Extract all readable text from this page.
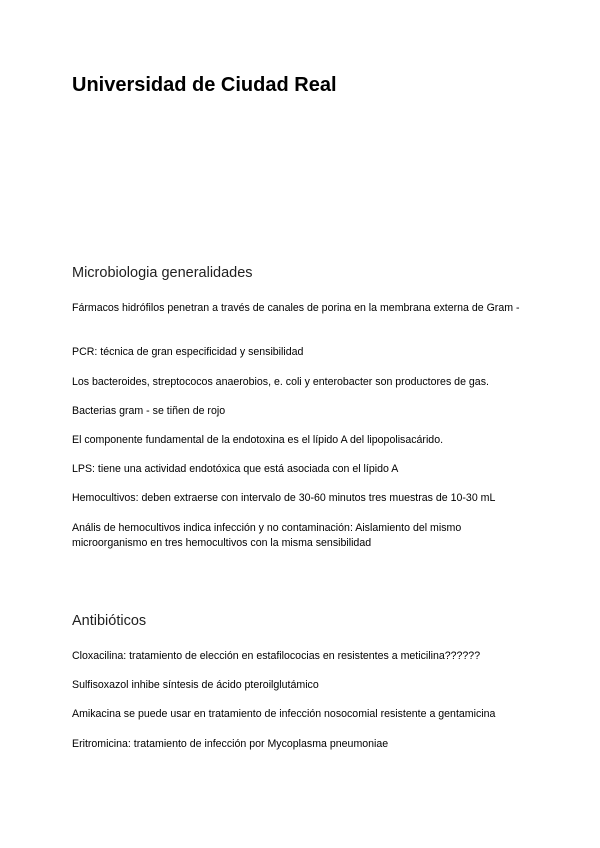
Universidad de Ciudad Real
Microbiologia generalidades

Fármacos hidrófilos penetran a través de canales de porina en la membrana externa de Gram -

PCR: técnica de gran especificidad y sensibilidad

Los bacteroides, streptococos anaerobios, e. coli y enterobacter son productores de gas.

Bacterias gram - se tiñen de rojo

El componente fundamental de la endotoxina es el lípido A del lipopolisacárido.

LPS: tiene una actividad endotóxica que está asociada con el lípido A

Hemocultivos: deben extraerse con intervalo de 30-60 minutos tres muestras de 10-30 mL

Anális de hemocultivos indica infección y no contaminación: Aislamiento del mismo microorganismo en tres hemocultivos con la misma sensibilidad

Antibióticos

Cloxacilina: tratamiento de elección en estafilococias en resistentes a meticilina??????

Sulfisoxazol inhibe síntesis de ácido pteroilglutámico

Amikacina se puede usar en tratamiento de infección nosocomial resistente a gentamicina

Eritromicina: tratamiento de infección por Mycoplasma pneumoniae
